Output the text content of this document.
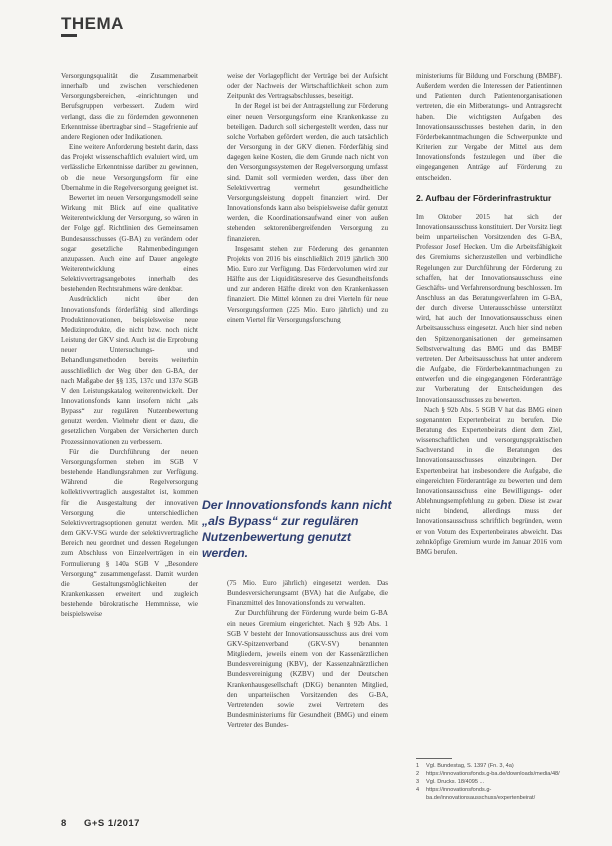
THEMA

Versorgungsqualität die Zusammenarbeit innerhalb und zwischen verschiedenen Versorgungsbereichen, -einrichtungen und Berufsgruppen verbessert. Zudem wird verlangt, dass die zu fördernden gewonnenen Erkenntnisse übertragbar sind – Stagefrienie auf andere Regionen oder Indikationen.

Eine weitere Anforderung besteht darin, dass das Projekt wissenschaftlich evaluiert wird, um verlässliche Erkenntnisse darüber zu gewinnen, ob die neue Versorgungsform für eine Übernahme in die Regelversorgung geeignet ist.

Bewertet im neuen Versorgungsmodell seine Wirkung mit Blick auf eine qualitative Weiterentwicklung der Versorgung, so wären in der Folge ggf. Richtlinien des Gemeinsamen Bundesausschusses (G-BA) zu verändern oder sogar gesetzliche Rahmenbedingungen anzupassen. Auch eine auf Dauer angelegte Weiterentwicklung eines Selektivvertragsangebotes innerhalb des bestehenden Rechtsrahmens wäre denkbar.

Ausdrücklich nicht über den Innovationsfonds förderfähig sind allerdings Produktinnovationen, beispielsweise neue Medizinprodukte, die nicht bzw. noch nicht Leistung der GKV sind. Auch ist die Erprobung neuer Untersuchungs- und Behandlungsmethoden bereits weiterhin ausschließlich der Weg über den G-BA, der nach Maßgabe der §§ 135, 137c und 137e SGB V den Leistungskatalog weiterentwickelt. Der Innovationsfonds kann insofern nicht „als Bypass“ zur regulären Nutzenbewertung genutzt werden. Vielmehr dient er dazu, die gesetzlichen Vorgaben der Versicherten durch Prozessinnovationen zu verbessern.

Für die Durchführung der neuen Versorgungsformen stehen im SGB V bestehende Handlungsrahmen zur Verfügung. Während die Regelversorgung kollektivvertraglich ausgestaltet ist, kommen für die Ausgestaltung der innovativen Versorgung die unterschiedlichen Selektivvertragsoptionen genutzt werden. Mit dem GKV-VSG wurde der selektivvertragliche Bereich neu geordnet und dessen Regelungen zum Abschluss von Einzelverträgen in ein Formulierung § 140a SGB V „Besondere Versorgung“ zusammengefasst. Damit wurden die Gestaltungsmöglichkeiten der Krankenkassen erweitert und zugleich bestehende bürokratische Hemmnisse, wie beispielsweise

weise der Vorlagepflicht der Verträge bei der Aufsicht oder der Nachweis der Wirtschaftlichkeit schon zum Zeitpunkt des Vertragsabschlusses, beseitigt.

In der Regel ist bei der Antragstellung zur Förderung einer neuen Versorgungsform eine Krankenkasse zu beteiligen. Dadurch soll sichergestellt werden, dass nur solche Vorhaben gefördert werden, die auch tatsächlich der Versorgung in der GKV dienen. Förderfähig sind dagegen keine Kosten, die dem Grunde nach nicht von den Versorgungssystemen der Regelversorgung umfasst sind. Damit soll vermieden werden, dass über den Selektivvertrag vermehrt gesundheitliche Versorgungsleistung doppelt finanziert wird. Der Innovationsfonds kann also beispielsweise dafür genutzt werden, die Koordinationsaufwand einer von außen stehenden sektorenübergreifenden Versorgung zu finanzieren.

Insgesamt stehen zur Förderung des genannten Projekts von 2016 bis einschließlich 2019 jährlich 300 Mio. Euro zur Verfügung. Das Fördervolumen wird zur Hälfte aus der Liquiditätsreserve des Gesundheitsfonds und zur anderen Hälfte direkt von den Krankenkassen finanziert. Die Mittel können zu drei Vierteln für neue Versorgungsformen (225 Mio. Euro jährlich) und zu einem Viertel für Versorgungsforschung

Der Innovationsfonds kann nicht „als Bypass“ zur regulären Nutzenbewertung genutzt werden.

(75 Mio. Euro jährlich) eingesetzt werden. Das Bundesversicherungsamt (BVA) hat die Aufgabe, die Finanzmittel des Innovationsfonds zu verwalten.

Zur Durchführung der Förderung wurde beim G-BA ein neues Gremium eingerichtet. Nach § 92b Abs. 1 SGB V besteht der Innovationsausschuss aus drei vom GKV-Spitzenverband (GKV-SV) benannten Mitgliedern, jeweils einem von der Kassenärztlichen Bundesvereinigung (KBV), der Kassenzahnärztlichen Bundesvereinigung (KZBV) und der Deutschen Krankenhausgesellschaft (DKG) benannten Mitglied, den unparteiischen Vorsitzenden des G-BA, Vertretenden sowie zwei Vertretern des Bundesministeriums für Gesundheit (BMG) und einem Vertreter des Bundes-

ministeriums für Bildung und Forschung (BMBF). Außerdem werden die Interessen der Patientinnen und Patienten durch Patientenorganisationen vertreten, die ein Mitberatungs- und Antragsrecht haben. Die wichtigsten Aufgaben des Innovationsausschusses bestehen darin, in den Förderbekanntmachungen die Schwerpunkte und Kriterien zur Vergabe der Mittel aus dem Innovationsfonds festzulegen und über die eingegangenen Anträge auf Förderung zu entscheiden.

2. Aufbau der Förderinfrastruktur

Im Oktober 2015 hat sich der Innovationsausschuss konstituiert. Der Vorsitz liegt beim unparteiischen Vorsitzenden des G-BA, Professor Josef Hecken. Um die Arbeitsfähigkeit des Gremiums sicherzustellen und verbindliche Regelungen zur Durchführung der Förderung zu schaffen, hat der Innovationsausschuss eine Geschäfts- und Verfahrensordnung beschlossen. Im Anschluss an das Beratungsverfahren im G-BA, der durch diverse Unterausschüsse unterstützt wird, hat auch der Innovationsausschuss einen Arbeitsausschuss eingesetzt. Auch hier sind neben den Spitzenorganisationen der gemeinsamen Selbstverwaltung das BMG und das BMBF vertreten. Der Arbeitsausschuss hat unter anderem die Aufgabe, die Förderbekanntmachungen zu entwerfen und die eingegangenen Förderanträge zur Vorberatung der Entscheidungen des Innovationsausschusses zu bewerten.

Nach § 92b Abs. 5 SGB V hat das BMG einen sogenannten Expertenbeirat zu berufen. Die Beratung des Expertenbeirats dient dem Ziel, wissenschaftlichen und versorgungspraktischen Sachverstand in die Beratungen des Innovationsausschusses einzubringen. Der Expertenbeirat hat insbesondere die Aufgabe, die eingereichten Förderanträge zu bewerten und dem Innovationsausschuss eine Bewilligungs- oder Ablehnungsempfehlung zu geben. Diese ist zwar nicht bindend, allerdings muss der Innovationsausschuss schriftlich begründen, wenn er von Votum des Expertenbeirates abweicht. Das zehnköpfige Gremium wurde im Januar 2016 vom BMG berufen.

1	Vgl. Bundestag, S. 1397 (Fn. 3, 4a)
2	https://innovationsfonds.g-ba.de/downloads/media/48/
3	Vgl. Drucks. 18/4095 ...
4	https://innovationsfonds.g-ba.de/innovationsausschuss/expertenbeirat/
8 G+S 1/2017
